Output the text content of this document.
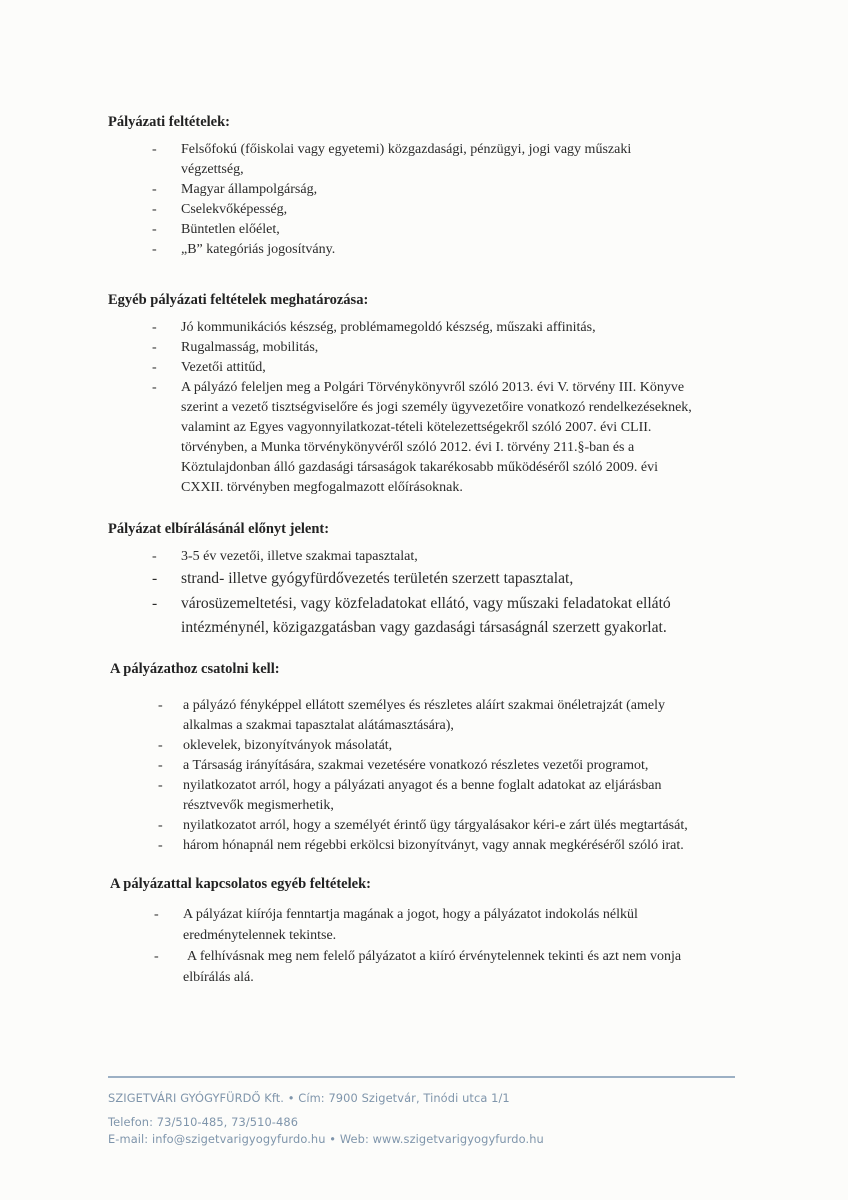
Pályázati feltételek:
- Felsőfokú (főiskolai vagy egyetemi) közgazdasági, pénzügyi, jogi vagy műszaki
végzettség,
- Magyar állampolgárság,
- Cselekvőképesség,
- Büntetlen előélet,
- „B” kategóriás jogosítvány.
Egyéb pályázati feltételek meghatározása:
- Jó kommunikációs készség, problémamegoldó készség, műszaki affinitás,
- Rugalmasság, mobilitás,
- Vezetői attitűd,
- A pályázó feleljen meg a Polgári Törvénykönyvről szóló 2013. évi V. törvény III. Könyve
szerint a vezető tisztségviselőre és jogi személy ügyvezetőire vonatkozó rendelkezéseknek,
valamint az Egyes vagyonnyilatkozat-tételi kötelezettségekről szóló 2007. évi CLII.
törvényben, a Munka törvénykönyvéről szóló 2012. évi I. törvény 211.§-ban és a
Köztulajdonban álló gazdasági társaságok takarékosabb működéséről szóló 2009. évi
CXXII. törvényben megfogalmazott előírásoknak.
Pályázat elbírálásánál előnyt jelent:
- 3-5 év vezetői, illetve szakmai tapasztalat,
- strand- illetve gyógyfürdővezetés területén szerzett tapasztalat,
- városüzemeltetési, vagy közfeladatokat ellátó, vagy műszaki feladatokat ellátó
intézménynél, közigazgatásban vagy gazdasági társaságnál szerzett gyakorlat.
A pályázathoz csatolni kell:
- a pályázó fényképpel ellátott személyes és részletes aláírt szakmai önéletrajzát (amely
alkalmas a szakmai tapasztalat alátámasztására),
- oklevelek, bizonyítványok másolatát,
- a Társaság irányítására, szakmai vezetésére vonatkozó részletes vezetői programot,
- nyilatkozatot arról, hogy a pályázati anyagot és a benne foglalt adatokat az eljárásban
résztvevők megismerhetik,
- nyilatkozatot arról, hogy a személyét érintő ügy tárgyalásakor kéri-e zárt ülés megtartását,
- három hónapnál nem régebbi erkölcsi bizonyítványt, vagy annak megkéréséről szóló irat.
A pályázattal kapcsolatos egyéb feltételek:
- A pályázat kiírója fenntartja magának a jogot, hogy a pályázatot indokolás nélkül
eredménytelennek tekintse.
- A felhívásnak meg nem felelő pályázatot a kiíró érvénytelennek tekinti és azt nem vonja
elbírálás alá.
SZIGETVÁRI GYÓGYFÜRDŐ Kft. • Cím: 7900 Szigetvár, Tinódi utca 1/1
Telefon: 73/510-485, 73/510-486
E-mail: info@szigetvarigyogyfurdo.hu • Web: www.szigetvarigyogyfurdo.hu
